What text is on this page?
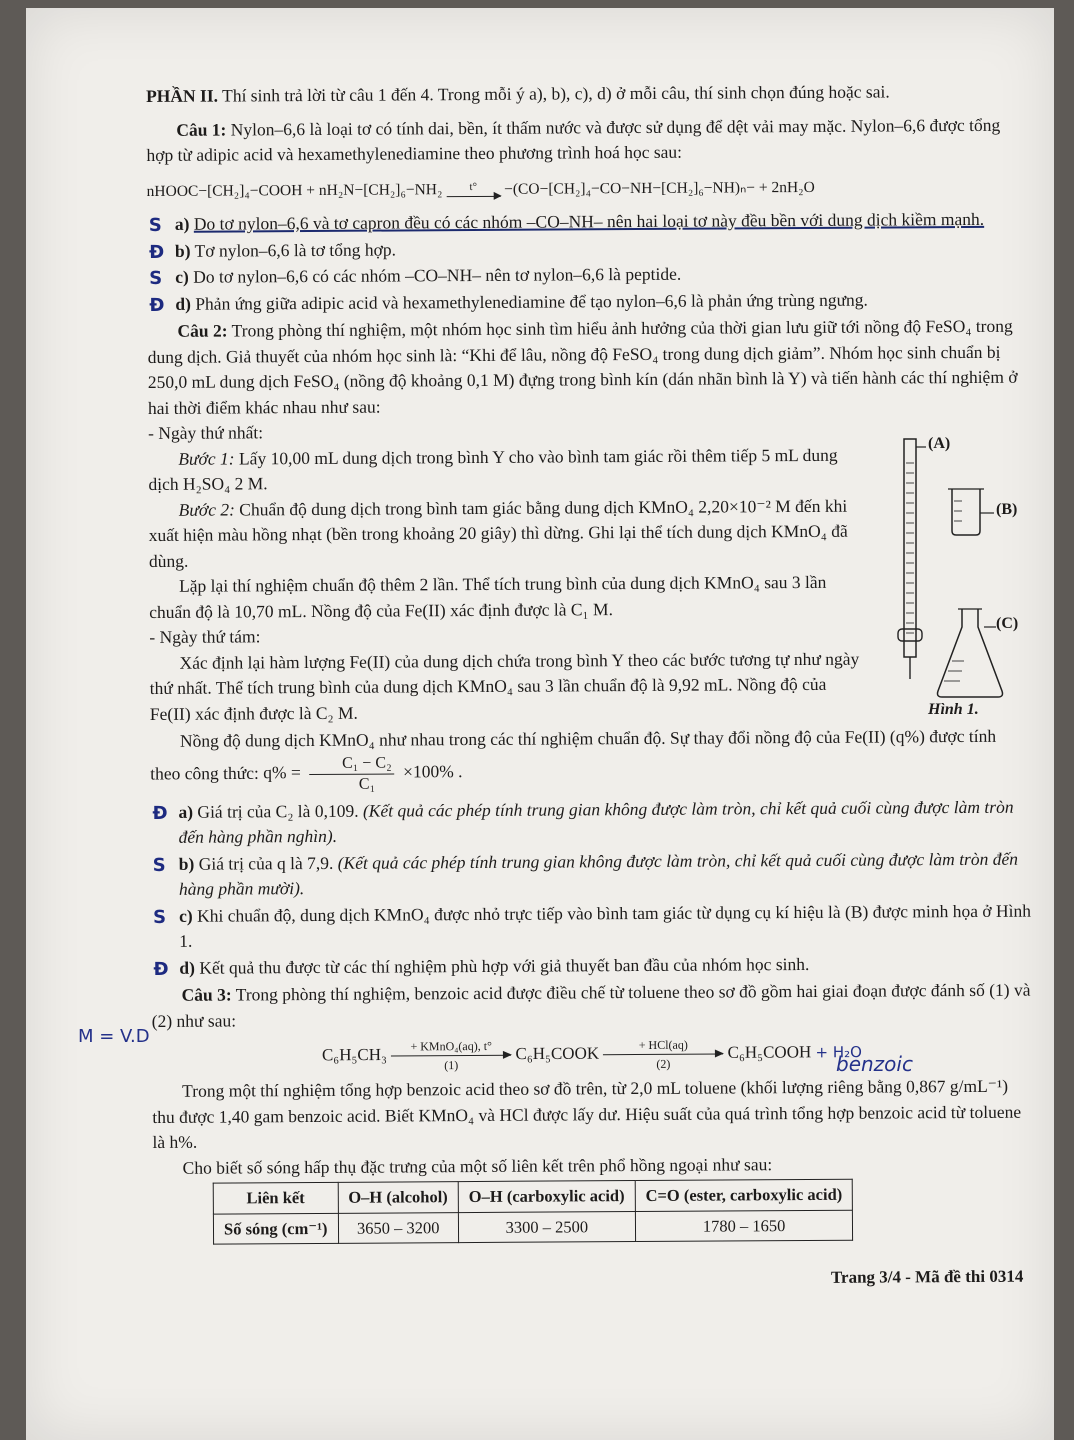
PHẦN II. Thí sinh trả lời từ câu 1 đến 4. Trong mỗi ý a), b), c), d) ở mỗi câu, thí sinh chọn đúng hoặc sai.

Câu 1: Nylon–6,6 là loại tơ có tính dai, bền, ít thấm nước và được sử dụng để dệt vải may mặc. Nylon–6,6 được tổng hợp từ adipic acid và hexamethylenediamine theo phương trình hoá học sau:

nHOOC−[CH₂]₄−COOH + nH₂N−[CH₂]₆−NH₂	t°	−(CO−[CH₂]₄−CO−NH−[CH₂]₆−NH)ₙ− + 2nH₂O
S a) Do tơ nylon–6,6 và tơ capron đều có các nhóm –CO–NH– nên hai loại tơ này đều bền với dung dịch kiềm mạnh.
Đ b) Tơ nylon–6,6 là tơ tổng hợp.
S c) Do tơ nylon–6,6 có các nhóm –CO–NH– nên tơ nylon–6,6 là peptide.
Đ d) Phản ứng giữa adipic acid và hexamethylenediamine để tạo nylon–6,6 là phản ứng trùng ngưng.

Câu 2: Trong phòng thí nghiệm, một nhóm học sinh tìm hiểu ảnh hưởng của thời gian lưu giữ tới nồng độ FeSO₄ trong dung dịch. Giả thuyết của nhóm học sinh là: “Khi để lâu, nồng độ FeSO₄ trong dung dịch giảm”. Nhóm học sinh chuẩn bị 250,0 mL dung dịch FeSO₄ (nồng độ khoảng 0,1 M) đựng trong bình kín (dán nhãn bình là Y) và tiến hành các thí nghiệm ở hai thời điểm khác nhau như sau:

- Ngày thứ nhất:

Bước 1: Lấy 10,00 mL dung dịch trong bình Y cho vào bình tam giác rồi thêm tiếp 5 mL dung dịch H₂SO₄ 2 M.

Bước 2: Chuẩn độ dung dịch trong bình tam giác bằng dung dịch KMnO₄ 2,20×10⁻² M đến khi xuất hiện màu hồng nhạt (bền trong khoảng 20 giây) thì dừng. Ghi lại thể tích dung dịch KMnO₄ đã dùng.

Lặp lại thí nghiệm chuẩn độ thêm 2 lần. Thể tích trung bình của dung dịch KMnO₄ sau 3 lần chuẩn độ là 10,70 mL. Nồng độ của Fe(II) xác định được là C₁ M.

- Ngày thứ tám:

Xác định lại hàm lượng Fe(II) của dung dịch chứa trong bình Y theo các bước tương tự như ngày thứ nhất. Thể tích trung bình của dung dịch KMnO₄ sau 3 lần chuẩn độ là 9,92 mL. Nồng độ của Fe(II) xác định được là C₂ M.

Nồng độ dung dịch KMnO₄ như nhau trong các thí nghiệm chuẩn độ. Sự thay đổi nồng độ của Fe(II) (q%) được tính theo công thức: $q\% = \frac{\text{C₁ − C₂}}{\text{C₁}} \times 100\%$ .

Đ a) Giá trị của C₂ là 0,109. (Kết quả các phép tính trung gian không được làm tròn, chỉ kết quả cuối cùng được làm tròn đến hàng phần nghìn).
S b) Giá trị của q là 7,9. (Kết quả các phép tính trung gian không được làm tròn, chỉ kết quả cuối cùng được làm tròn đến hàng phần mười).
S c) Khi chuẩn độ, dung dịch KMnO₄ được nhỏ trực tiếp vào bình tam giác từ dụng cụ kí hiệu là (B) được minh họa ở Hình 1.
Đ d) Kết quả thu được từ các thí nghiệm phù hợp với giả thuyết ban đầu của nhóm học sinh.

Câu 3: Trong phòng thí nghiệm, benzoic acid được điều chế từ toluene theo sơ đồ gồm hai giai đoạn được đánh số (1) và (2) như sau:

C₆H₅CH₃	+ KMnO₄(aq), t°
(1)
C₆H₅COOK	+ HCl(aq)
(2)
C₆H₅COOH + H₂O

Trong một thí nghiệm tổng hợp benzoic acid theo sơ đồ trên, từ 2,0 mL toluene (khối lượng riêng bằng 0,867 g/mL⁻¹) thu được 1,40 gam benzoic acid. Biết KMnO₄ và HCl được lấy dư. Hiệu suất của quá trình tổng hợp benzoic acid từ toluene là h%.

Cho biết số sóng hấp thụ đặc trưng của một số liên kết trên phổ hồng ngoại như sau:

Liên kết	O–H (alcohol)	O–H (carboxylic acid)	C=O (ester, carboxylic acid)
Số sóng (cm⁻¹)	3650 – 3200	3300 – 2500	1780 – 1650

Trang 3/4 - Mã đề thi 0314

(A)
(B)
(C)
Hình 1.
M = V.D
benzoic
